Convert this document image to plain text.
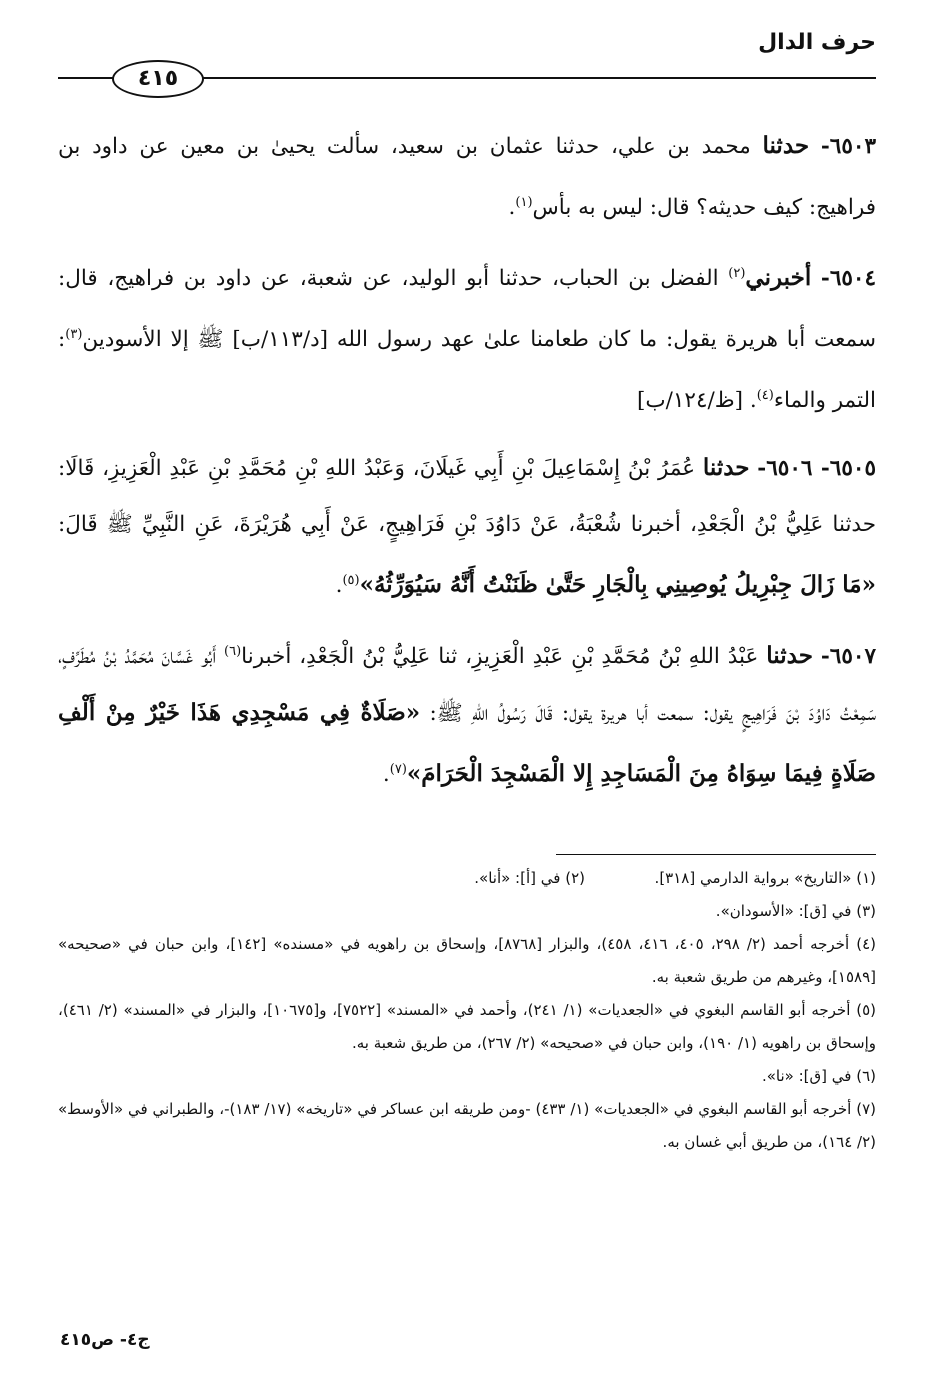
حرف الدال
٤١٥

٦٥٠٣- حدثنا محمد بن علي، حدثنا عثمان بن سعيد، سألت يحيىٰ بن معين عن داود بن فراهيج: كيف حديثه؟ قال: ليس به بأس$^{(١)}$.

٦٥٠٤- أخبرني$^{(٢)}$ الفضل بن الحباب، حدثنا أبو الوليد، عن شعبة، عن داود بن فراهيج، قال: سمعت أبا هريرة يقول: ما كان طعامنا علىٰ عهد رسول الله [د/١١٣/ب] ﷺ إلا الأسودين$^{(٣)}$: التمر والماء$^{(٤)}$. [ظ/١٢٤/ب]

٦٥٠٥- ٦٥٠٦- حدثنا عُمَرُ بْنُ إِسْمَاعِيلَ بْنِ أَبِي غَيلَانَ، وَعَبْدُ اللهِ بْنِ مُحَمَّدِ بْنِ عَبْدِ الْعَزِيزِ، قَالَا: حدثنا عَلِيُّ بْنُ الْجَعْدِ، أخبرنا شُعْبَةُ، عَنْ دَاوُدَ بْنِ فَرَاهِيجٍ، عَنْ أَبِي هُرَيْرَةَ، عَنِ النَّبِيِّ ﷺ قَالَ: «مَا زَالَ جِبْرِيلُ يُوصِينِي بِالْجَارِ حَتَّىٰ ظَنَنْتُ أَنَّهُ سَيُوَرِّثُهُ»$^{(٥)}$.

٦٥٠٧- حدثنا عَبْدُ اللهِ بْنُ مُحَمَّدِ بْنِ عَبْدِ الْعَزِيزِ، ثنا عَلِيُّ بْنُ الْجَعْدِ، أخبرنا$^{(٦)}$ أَبُو غَسَّانَ مُحَمَّدُ بْنُ مُطَرِّفٍ، سَمِعْتُ دَاوُدَ بْنَ فَرَاهِيجٍ يقول: سمعت أبا هريرة يقول: قَالَ رَسُولُ اللهِ ﷺ: «صَلَاةٌ فِي مَسْجِدِي هَذَا خَيْرٌ مِنْ أَلْفِ صَلَاةٍ فِيمَا سِوَاهُ مِنَ الْمَسَاجِدِ إِلا الْمَسْجِدَ الْحَرَامَ»$^{(٧)}$.

(١) «التاريخ» برواية الدارمي [٣١٨].  (٢) في [أ]: «أنا».

(٣) في [ق]: «الأسودان».

(٤) أخرجه أحمد (٢/ ٢٩٨، ٤٠٥، ٤١٦، ٤٥٨)، والبزار [٨٧٦٨]، وإسحاق بن راهويه في «مسنده» [١٤٢]، وابن حبان في «صحيحه» [١٥٨٩]، وغيرهم من طريق شعبة به.

(٥) أخرجه أبو القاسم البغوي في «الجعديات» (١/ ٢٤١)، وأحمد في «المسند» [٧٥٢٢]، و[١٠٦٧٥]، والبزار في «المسند» (٢/ ٤٦١)، وإسحاق بن راهويه (١/ ١٩٠)، وابن حبان في «صحيحه» (٢/ ٢٦٧)، من طريق شعبة به.

(٦) في [ق]: «نا».

(٧) أخرجه أبو القاسم البغوي في «الجعديات» (١/ ٤٣٣) -ومن طريقه ابن عساكر في «تاريخه» (١٧/ ١٨٣)-، والطبراني في «الأوسط» (٢/ ١٦٤)، من طريق أبي غسان به.

ج٤- ص٤١٥
